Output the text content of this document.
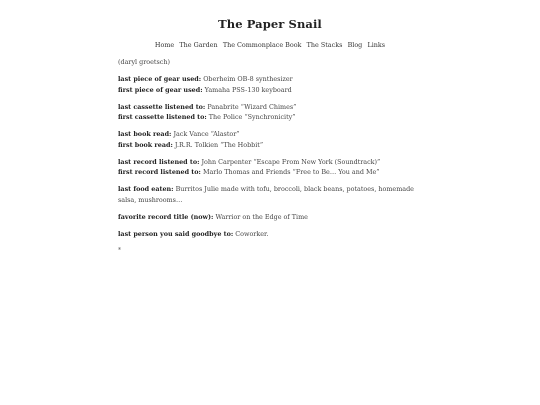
The Paper Snail
Home The Garden The Commonplace Book The Stacks Blog Links

(daryl groetsch)

last piece of gear used: Oberheim OB-8 synthesizer
first piece of gear used: Yamaha PSS-130 keyboard

last cassette listened to: Panabrite “Wizard Chimes”
first cassette listened to: The Police “Synchronicity”

last book read: Jack Vance “Alastor”
first book read: J.R.R. Tolkien “The Hobbit”

last record listened to: John Carpenter “Escape From New York (Soundtrack)”
first record listened to: Marlo Thomas and Friends “Free to Be… You and Me”

last food eaten: Burritos Julie made with tofu, broccoli, black beans, potatoes, homemade salsa, mushrooms…

favorite record title (now): Warrior on the Edge of Time

last person you said goodbye to: Coworker.

*
